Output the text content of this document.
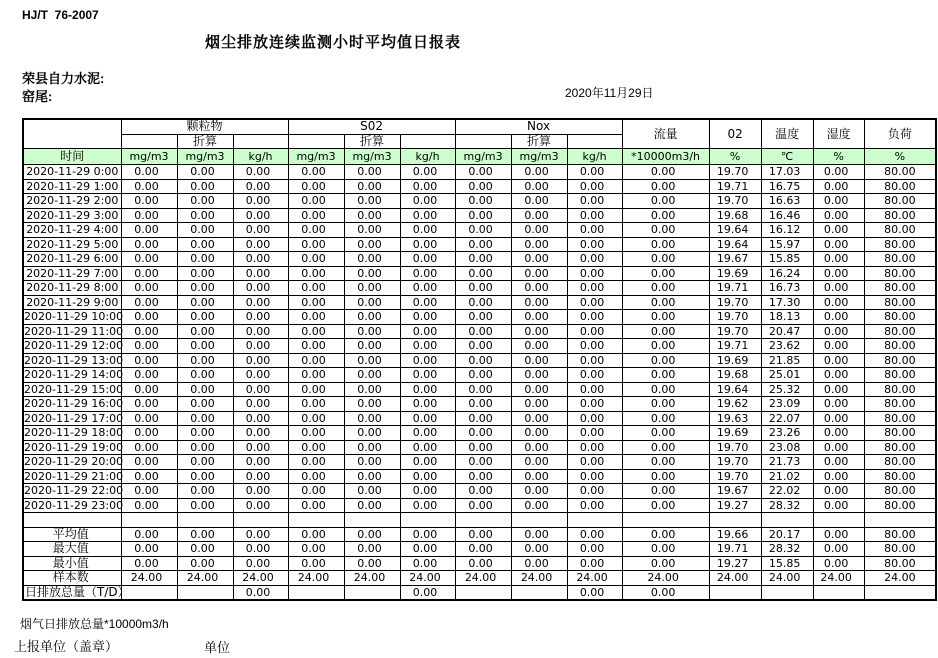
HJ/T  76-2007
烟尘排放连续监测小时平均值日报表
荣县自力水泥:
窑尾:	2020年11月29日
	颗粒物			S02			Nox			流量	02	温度	湿度	负荷
		折算			折算			折算						
时间	mg/m3	mg/m3	kg/h	mg/m3	mg/m3	kg/h	mg/m3	mg/m3	kg/h	*10000m3/h	%	℃	%	%
2020-11-29 0:00	0.00	0.00	0.00	0.00	0.00	0.00	0.00	0.00	0.00	0.00	19.70	17.03	0.00	80.00
2020-11-29 1:00	0.00	0.00	0.00	0.00	0.00	0.00	0.00	0.00	0.00	0.00	19.71	16.75	0.00	80.00
2020-11-29 2:00	0.00	0.00	0.00	0.00	0.00	0.00	0.00	0.00	0.00	0.00	19.70	16.63	0.00	80.00
2020-11-29 3:00	0.00	0.00	0.00	0.00	0.00	0.00	0.00	0.00	0.00	0.00	19.68	16.46	0.00	80.00
2020-11-29 4:00	0.00	0.00	0.00	0.00	0.00	0.00	0.00	0.00	0.00	0.00	19.64	16.12	0.00	80.00
2020-11-29 5:00	0.00	0.00	0.00	0.00	0.00	0.00	0.00	0.00	0.00	0.00	19.64	15.97	0.00	80.00
2020-11-29 6:00	0.00	0.00	0.00	0.00	0.00	0.00	0.00	0.00	0.00	0.00	19.67	15.85	0.00	80.00
2020-11-29 7:00	0.00	0.00	0.00	0.00	0.00	0.00	0.00	0.00	0.00	0.00	19.69	16.24	0.00	80.00
2020-11-29 8:00	0.00	0.00	0.00	0.00	0.00	0.00	0.00	0.00	0.00	0.00	19.71	16.73	0.00	80.00
2020-11-29 9:00	0.00	0.00	0.00	0.00	0.00	0.00	0.00	0.00	0.00	0.00	19.70	17.30	0.00	80.00
2020-11-29 10:00	0.00	0.00	0.00	0.00	0.00	0.00	0.00	0.00	0.00	0.00	19.70	18.13	0.00	80.00
2020-11-29 11:00	0.00	0.00	0.00	0.00	0.00	0.00	0.00	0.00	0.00	0.00	19.70	20.47	0.00	80.00
2020-11-29 12:00	0.00	0.00	0.00	0.00	0.00	0.00	0.00	0.00	0.00	0.00	19.71	23.62	0.00	80.00
2020-11-29 13:00	0.00	0.00	0.00	0.00	0.00	0.00	0.00	0.00	0.00	0.00	19.69	21.85	0.00	80.00
2020-11-29 14:00	0.00	0.00	0.00	0.00	0.00	0.00	0.00	0.00	0.00	0.00	19.68	25.01	0.00	80.00
2020-11-29 15:00	0.00	0.00	0.00	0.00	0.00	0.00	0.00	0.00	0.00	0.00	19.64	25.32	0.00	80.00
2020-11-29 16:00	0.00	0.00	0.00	0.00	0.00	0.00	0.00	0.00	0.00	0.00	19.62	23.09	0.00	80.00
2020-11-29 17:00	0.00	0.00	0.00	0.00	0.00	0.00	0.00	0.00	0.00	0.00	19.63	22.07	0.00	80.00
2020-11-29 18:00	0.00	0.00	0.00	0.00	0.00	0.00	0.00	0.00	0.00	0.00	19.69	23.26	0.00	80.00
2020-11-29 19:00	0.00	0.00	0.00	0.00	0.00	0.00	0.00	0.00	0.00	0.00	19.70	23.08	0.00	80.00
2020-11-29 20:00	0.00	0.00	0.00	0.00	0.00	0.00	0.00	0.00	0.00	0.00	19.70	21.73	0.00	80.00
2020-11-29 21:00	0.00	0.00	0.00	0.00	0.00	0.00	0.00	0.00	0.00	0.00	19.70	21.02	0.00	80.00
2020-11-29 22:00	0.00	0.00	0.00	0.00	0.00	0.00	0.00	0.00	0.00	0.00	19.67	22.02	0.00	80.00
2020-11-29 23:00	0.00	0.00	0.00	0.00	0.00	0.00	0.00	0.00	0.00	0.00	19.27	28.32	0.00	80.00

平均值	0.00	0.00	0.00	0.00	0.00	0.00	0.00	0.00	0.00	0.00	19.66	20.17	0.00	80.00
最大值	0.00	0.00	0.00	0.00	0.00	0.00	0.00	0.00	0.00	0.00	19.71	28.32	0.00	80.00
最小值	0.00	0.00	0.00	0.00	0.00	0.00	0.00	0.00	0.00	0.00	19.27	15.85	0.00	80.00
样本数	24.00	24.00	24.00	24.00	24.00	24.00	24.00	24.00	24.00	24.00	24.00	24.00	24.00	24.00
日排放总量（T/D）			0.00			0.00			0.00	0.00				
烟气日排放总量*10000m3/h
上报单位（盖章）	单位
